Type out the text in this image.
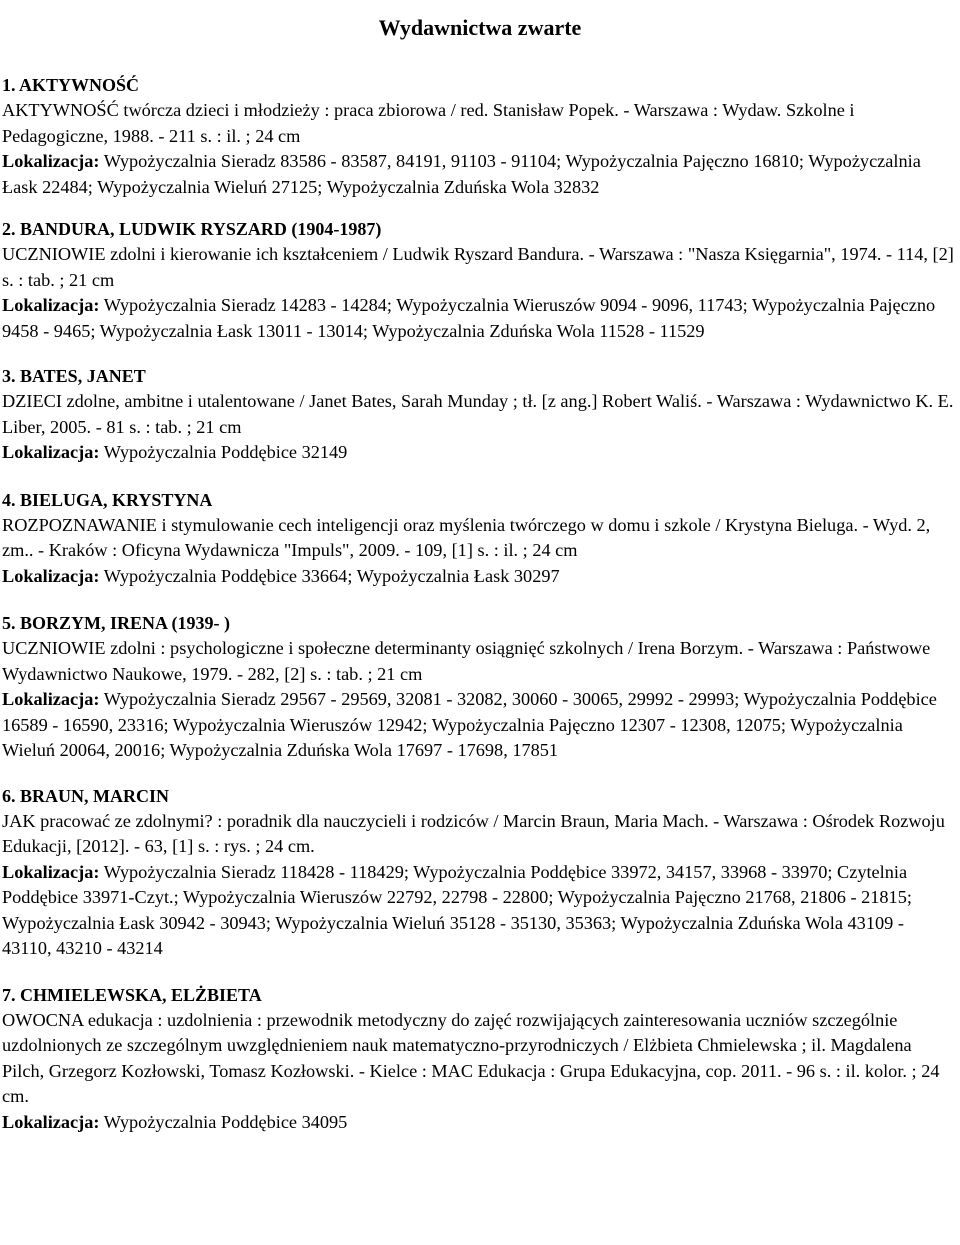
Wydawnictwa zwarte
1. AKTYWNOŚĆ
AKTYWNOŚĆ twórcza dzieci i młodzieży : praca zbiorowa / red. Stanisław Popek. - Warszawa : Wydaw. Szkolne i Pedagogiczne, 1988. - 211 s. : il. ; 24 cm
Lokalizacja: Wypożyczalnia Sieradz 83586 - 83587, 84191, 91103 - 91104; Wypożyczalnia Pajęczno 16810; Wypożyczalnia Łask 22484; Wypożyczalnia Wieluń 27125; Wypożyczalnia Zduńska Wola 32832
2. BANDURA, LUDWIK RYSZARD (1904-1987)
UCZNIOWIE zdolni i kierowanie ich kształceniem / Ludwik Ryszard Bandura. - Warszawa : "Nasza Księgarnia", 1974. - 114, [2] s. : tab. ; 21 cm
Lokalizacja: Wypożyczalnia Sieradz 14283 - 14284; Wypożyczalnia Wieruszów 9094 - 9096, 11743; Wypożyczalnia Pajęczno 9458 - 9465; Wypożyczalnia Łask 13011 - 13014; Wypożyczalnia Zduńska Wola 11528 - 11529
3. BATES, JANET
DZIECI zdolne, ambitne i utalentowane / Janet Bates, Sarah Munday ; tł. [z ang.] Robert Waliś. - Warszawa : Wydawnictwo K. E. Liber, 2005. - 81 s. : tab. ; 21 cm
Lokalizacja: Wypożyczalnia Poddębice 32149
4. BIELUGA, KRYSTYNA
ROZPOZNAWANIE i stymulowanie cech inteligencji oraz myślenia twórczego w domu i szkole / Krystyna Bieluga. - Wyd. 2, zm.. - Kraków : Oficyna Wydawnicza "Impuls", 2009. - 109, [1] s. : il. ; 24 cm
Lokalizacja: Wypożyczalnia Poddębice 33664; Wypożyczalnia Łask 30297
5. BORZYM, IRENA (1939- )
UCZNIOWIE zdolni : psychologiczne i społeczne determinanty osiągnięć szkolnych / Irena Borzym. - Warszawa : Państwowe Wydawnictwo Naukowe, 1979. - 282, [2] s. : tab. ; 21 cm
Lokalizacja: Wypożyczalnia Sieradz 29567 - 29569, 32081 - 32082, 30060 - 30065, 29992 - 29993; Wypożyczalnia Poddębice 16589 - 16590, 23316; Wypożyczalnia Wieruszów 12942; Wypożyczalnia Pajęczno 12307 - 12308, 12075; Wypożyczalnia Wieluń 20064, 20016; Wypożyczalnia Zduńska Wola 17697 - 17698, 17851
6. BRAUN, MARCIN
JAK pracować ze zdolnymi? : poradnik dla nauczycieli i rodziców / Marcin Braun, Maria Mach. - Warszawa : Ośrodek Rozwoju Edukacji, [2012]. - 63, [1] s. : rys. ; 24 cm.
Lokalizacja: Wypożyczalnia Sieradz 118428 - 118429; Wypożyczalnia Poddębice 33972, 34157, 33968 - 33970; Czytelnia Poddębice 33971-Czyt.; Wypożyczalnia Wieruszów 22792, 22798 - 22800; Wypożyczalnia Pajęczno 21768, 21806 - 21815; Wypożyczalnia Łask 30942 - 30943; Wypożyczalnia Wieluń 35128 - 35130, 35363; Wypożyczalnia Zduńska Wola 43109 - 43110, 43210 - 43214
7. CHMIELEWSKA, ELŻBIETA
OWOCNA edukacja : uzdolnienia : przewodnik metodyczny do zajęć rozwijających zainteresowania uczniów szczególnie uzdolnionych ze szczególnym uwzględnieniem nauk matematyczno-przyrodniczych / Elżbieta Chmielewska ; il. Magdalena Pilch, Grzegorz Kozłowski, Tomasz Kozłowski. - Kielce : MAC Edukacja : Grupa Edukacyjna, cop. 2011. - 96 s. : il. kolor. ; 24 cm.
Lokalizacja: Wypożyczalnia Poddębice 34095
